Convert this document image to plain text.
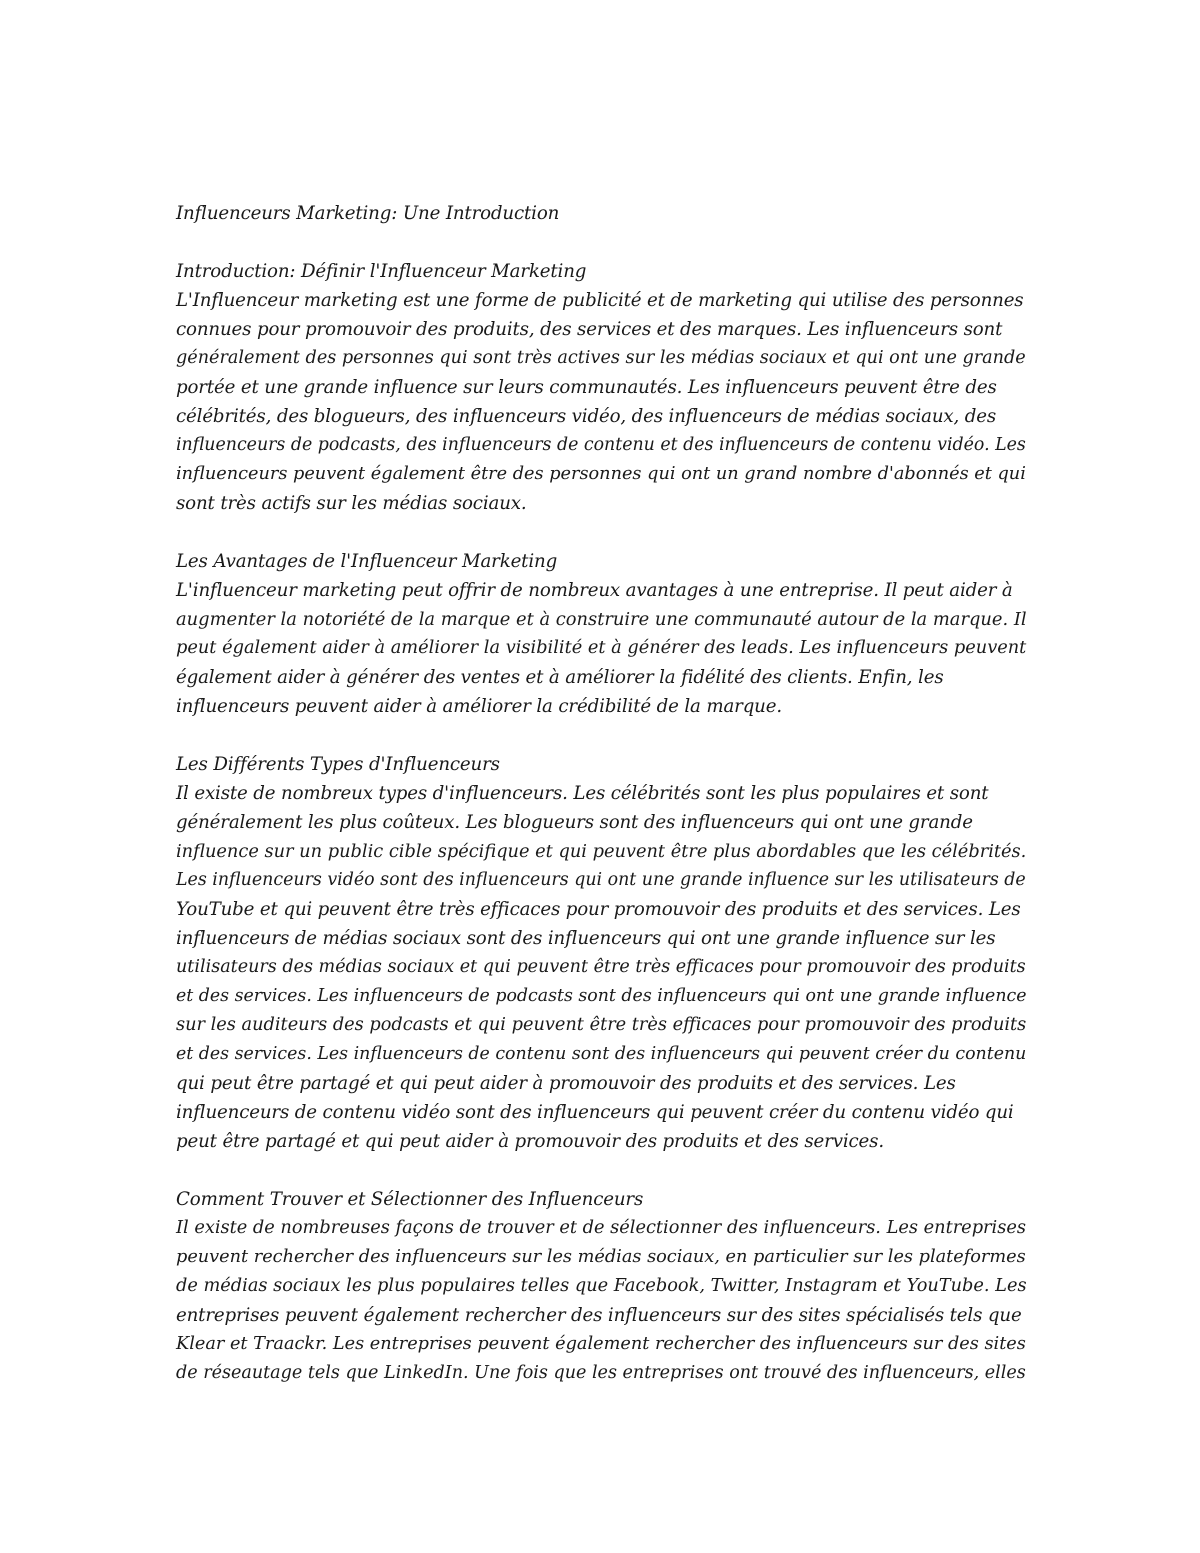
Influenceurs Marketing: Une Introduction
Introduction: Définir l'Influenceur Marketing
L'Influenceur marketing est une forme de publicité et de marketing qui utilise des personnes
connues pour promouvoir des produits, des services et des marques. Les influenceurs sont
généralement des personnes qui sont très actives sur les médias sociaux et qui ont une grande
portée et une grande influence sur leurs communautés. Les influenceurs peuvent être des
célébrités, des blogueurs, des influenceurs vidéo, des influenceurs de médias sociaux, des
influenceurs de podcasts, des influenceurs de contenu et des influenceurs de contenu vidéo. Les
influenceurs peuvent également être des personnes qui ont un grand nombre d'abonnés et qui
sont très actifs sur les médias sociaux.
Les Avantages de l'Influenceur Marketing
L'influenceur marketing peut offrir de nombreux avantages à une entreprise. Il peut aider à
augmenter la notoriété de la marque et à construire une communauté autour de la marque. Il
peut également aider à améliorer la visibilité et à générer des leads. Les influenceurs peuvent
également aider à générer des ventes et à améliorer la fidélité des clients. Enfin, les
influenceurs peuvent aider à améliorer la crédibilité de la marque.
Les Différents Types d'Influenceurs
Il existe de nombreux types d'influenceurs. Les célébrités sont les plus populaires et sont
généralement les plus coûteux. Les blogueurs sont des influenceurs qui ont une grande
influence sur un public cible spécifique et qui peuvent être plus abordables que les célébrités.
Les influenceurs vidéo sont des influenceurs qui ont une grande influence sur les utilisateurs de
YouTube et qui peuvent être très efficaces pour promouvoir des produits et des services. Les
influenceurs de médias sociaux sont des influenceurs qui ont une grande influence sur les
utilisateurs des médias sociaux et qui peuvent être très efficaces pour promouvoir des produits
et des services. Les influenceurs de podcasts sont des influenceurs qui ont une grande influence
sur les auditeurs des podcasts et qui peuvent être très efficaces pour promouvoir des produits
et des services. Les influenceurs de contenu sont des influenceurs qui peuvent créer du contenu
qui peut être partagé et qui peut aider à promouvoir des produits et des services. Les
influenceurs de contenu vidéo sont des influenceurs qui peuvent créer du contenu vidéo qui
peut être partagé et qui peut aider à promouvoir des produits et des services.
Comment Trouver et Sélectionner des Influenceurs
Il existe de nombreuses façons de trouver et de sélectionner des influenceurs. Les entreprises
peuvent rechercher des influenceurs sur les médias sociaux, en particulier sur les plateformes
de médias sociaux les plus populaires telles que Facebook, Twitter, Instagram et YouTube. Les
entreprises peuvent également rechercher des influenceurs sur des sites spécialisés tels que
Klear et Traackr. Les entreprises peuvent également rechercher des influenceurs sur des sites
de réseautage tels que LinkedIn. Une fois que les entreprises ont trouvé des influenceurs, elles
